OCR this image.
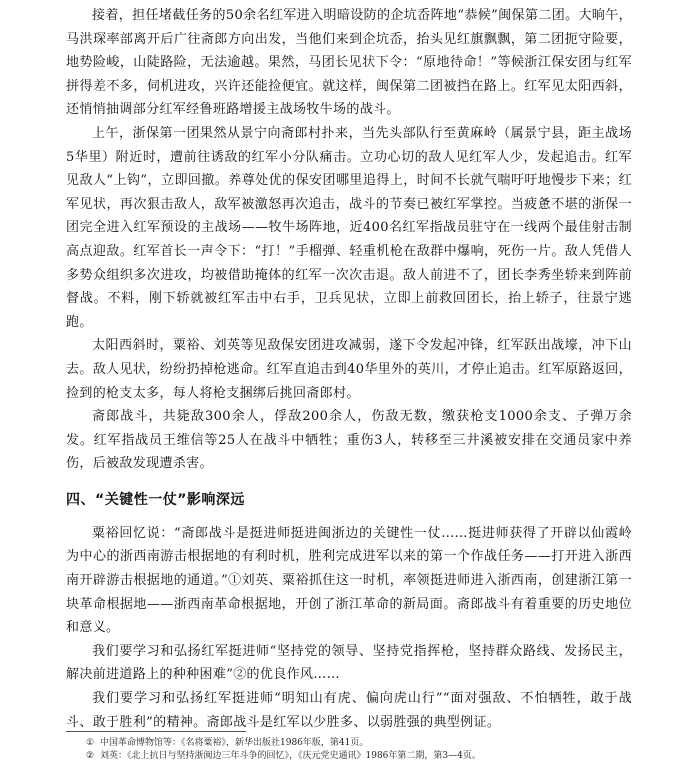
接着，担任堵截任务的50余名红军进入明暗设防的企坑岙阵地“恭候”闽保第二团。大晌午，马洪琛率部离开后广往斋郎方向出发，当他们来到企坑岙，抬头见红旗飘飘，第二团扼守险要，地势险峻，山陡路险，无法逾越。果然，马团长见状下令：“原地待命！”等候浙江保安团与红军拼得差不多，伺机进攻，兴许还能捡便宜。就这样，闽保第二团被挡在路上。红军见太阳西斜，还悄悄抽调部分红军经鲁班路增援主战场牧牛场的战斗。

上午，浙保第一团果然从景宁向斋郎村扑来，当先头部队行至黄麻岭（属景宁县，距主战场5华里）附近时，遭前往诱敌的红军小分队痛击。立功心切的敌人见红军人少，发起追击。红军见敌人“上钩”，立即回撤。养尊处优的保安团哪里追得上，时间不长就气喘吁吁地慢步下来；红军见状，再次狠击敌人，敌军被激怒再次追击，战斗的节奏已被红军掌控。当疲惫不堪的浙保一团完全进入红军预设的主战场——牧牛场阵地，近400名红军指战员驻守在一线两个最佳射击制高点迎敌。红军首长一声令下：“打！”手榴弹、轻重机枪在敌群中爆响，死伤一片。敌人凭借人多势众组织多次进攻，均被借助掩体的红军一次次击退。敌人前进不了，团长李秀坐轿来到阵前督战。不料，刚下轿就被红军击中右手，卫兵见状，立即上前救回团长，抬上轿子，往景宁逃跑。

太阳西斜时，粟裕、刘英等见敌保安团进攻减弱，遂下令发起冲锋，红军跃出战壕，冲下山去。敌人见状，纷纷扔掉枪逃命。红军直追击到40华里外的英川，才停止追击。红军原路返回，捡到的枪支太多，每人将枪支捆绑后挑回斋郎村。

斋郎战斗，共毙敌300余人，俘敌200余人，伤敌无数，缴获枪支1000余支、子弹万余发。红军指战员王维信等25人在战斗中牺牲；重伤3人，转移至三井溪被安排在交通员家中养伤，后被敌发现遭杀害。

四、“关键性一仗”影响深远

粟裕回忆说：“斋郎战斗是挺进师挺进闽浙边的关键性一仗……挺进师获得了开辟以仙霞岭为中心的浙西南游击根据地的有利时机，胜利完成进军以来的第一个作战任务——打开进入浙西南开辟游击根据地的通道。”①刘英、粟裕抓住这一时机，率领挺进师进入浙西南，创建浙江第一块革命根据地——浙西南革命根据地，开创了浙江革命的新局面。斋郎战斗有着重要的历史地位和意义。

我们要学习和弘扬红军挺进师“坚持党的领导、坚持党指挥枪，坚持群众路线、发扬民主，解决前进道路上的种种困难”②的优良作风……

我们要学习和弘扬红军挺进师“明知山有虎、偏向虎山行”“面对强敌、不怕牺牲，敢于战斗、敢于胜利”的精神。斋郎战斗是红军以少胜多、以弱胜强的典型例证。

① 中国革命博物馆等：《名将粟裕》，新华出版社1986年版，第41页。
② 刘英：《北上抗日与坚持浙闽边三年斗争的回忆》，《庆元党史通讯》1986年第二期，第3—4页。
